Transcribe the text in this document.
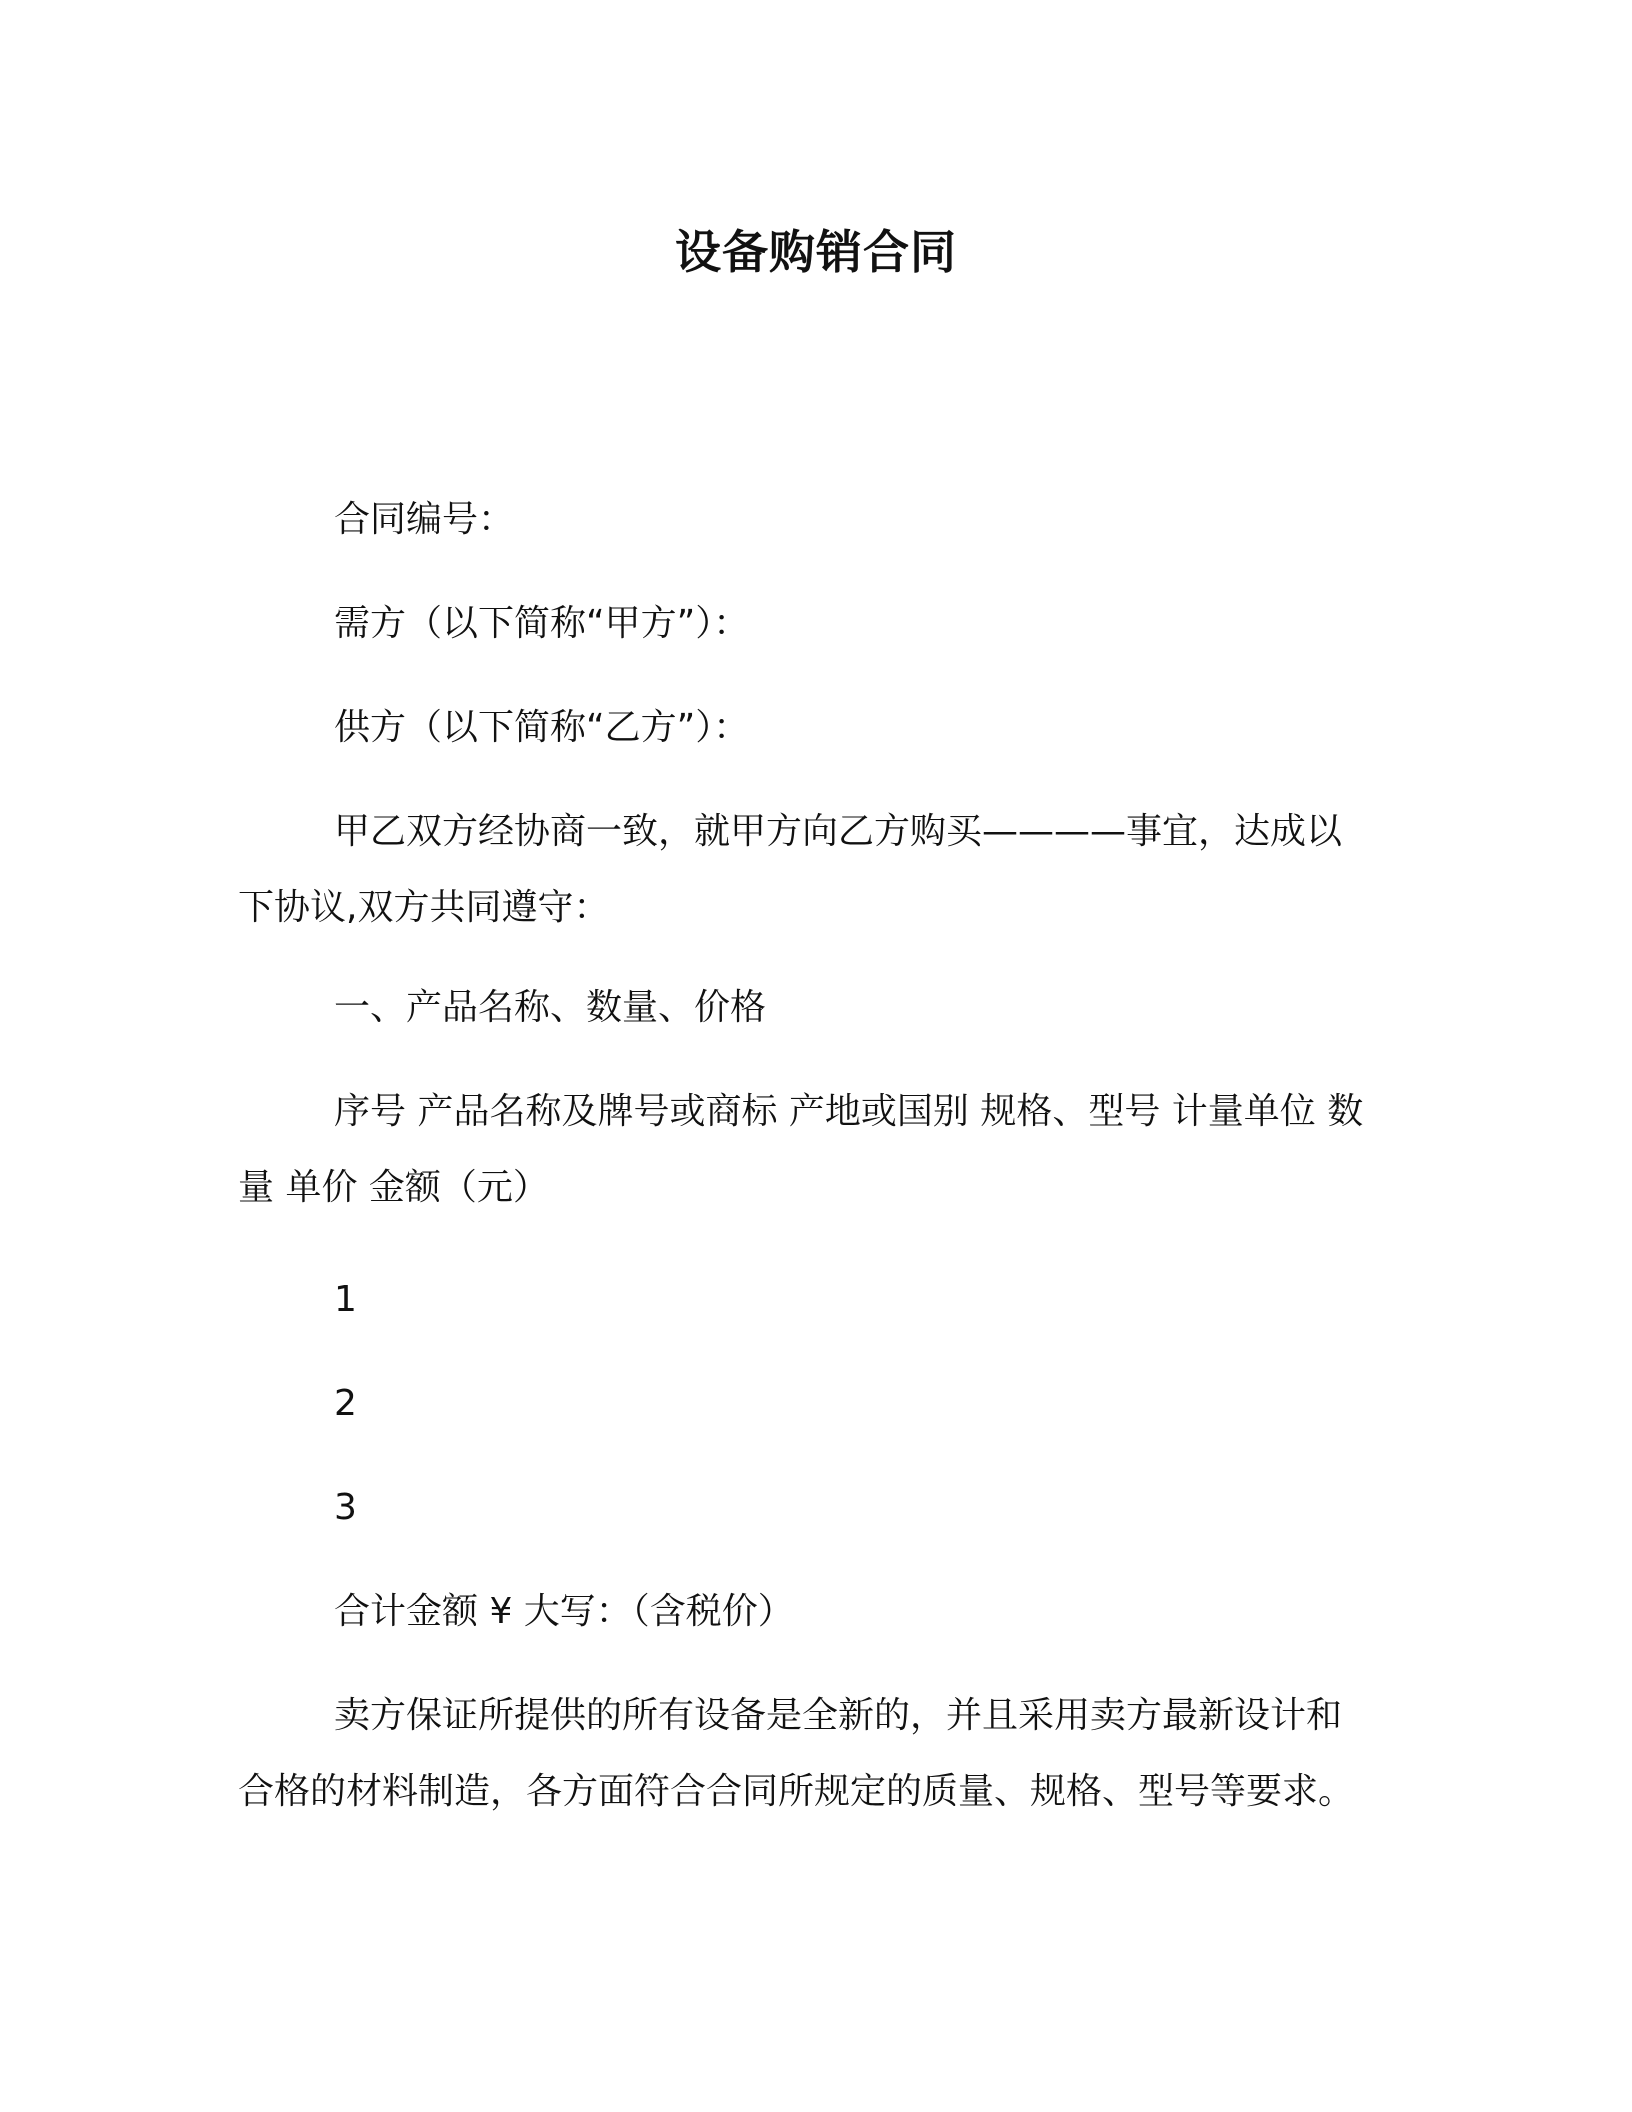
设备购销合同

合同编号：

需方（以下简称“甲方”）：

供方（以下简称“乙方”）：

甲乙双方经协商一致，就甲方向乙方购买————事宜，达成以
下协议,双方共同遵守：

一、产品名称、数量、价格

序号 产品名称及牌号或商标 产地或国别 规格、型号 计量单位 数
量 单价 金额（元）

1

2

3

合计金额 ¥ 大写：（含税价）

卖方保证所提供的所有设备是全新的，并且采用卖方最新设计和
合格的材料制造，各方面符合合同所规定的质量、规格、型号等要求。
